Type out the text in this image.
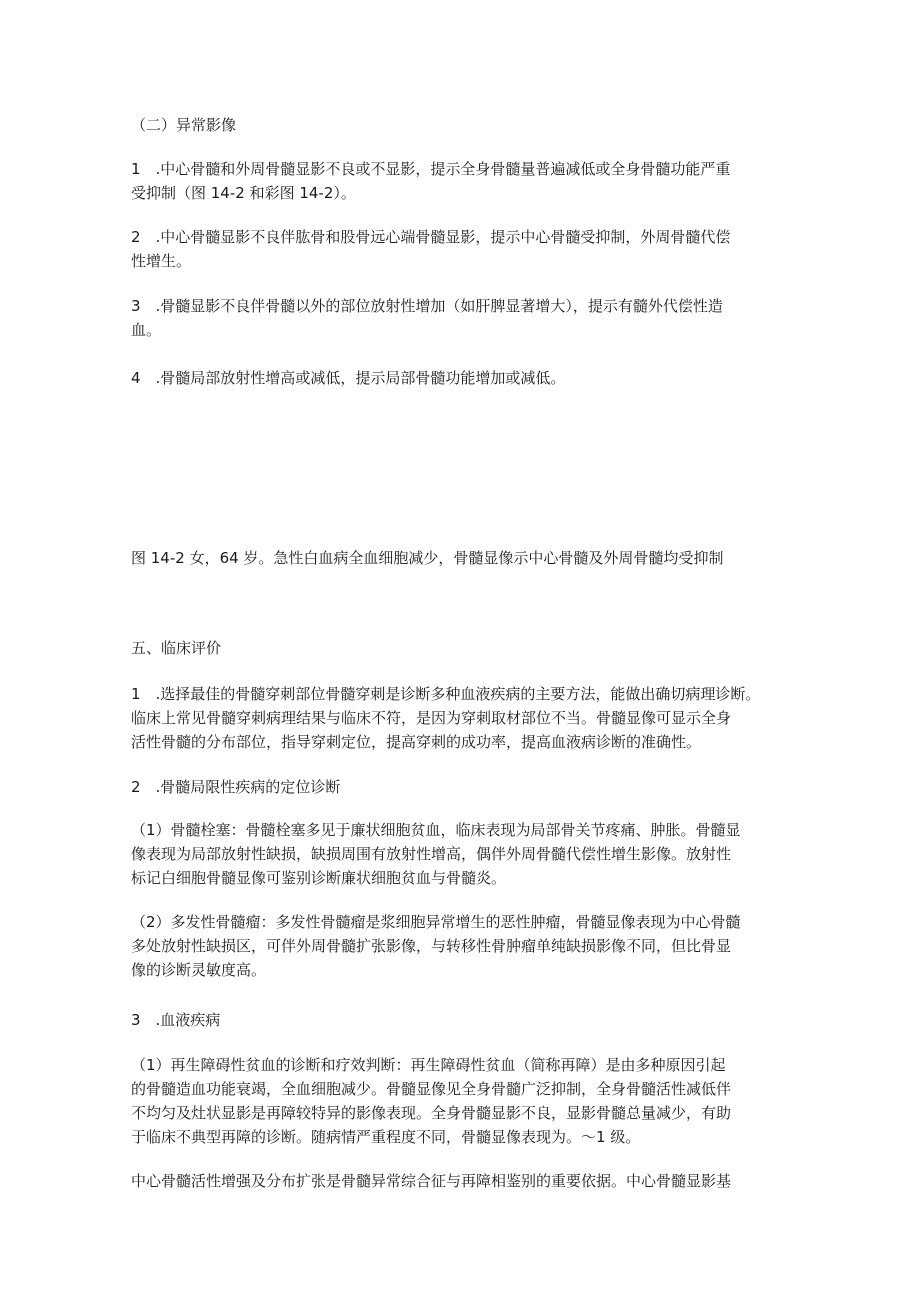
（二）异常影像

1　.中心骨髓和外周骨髓显影不良或不显影，提示全身骨髓量普遍减低或全身骨髓功能严重
受抑制（图 14-2 和彩图 14-2）。

2　.中心骨髓显影不良伴肱骨和股骨远心端骨髓显影，提示中心骨髓受抑制，外周骨髓代偿
性增生。

3　.骨髓显影不良伴骨髓以外的部位放射性增加（如肝脾显著增大），提示有髓外代偿性造
血。

4　.骨髓局部放射性增高或减低，提示局部骨髓功能增加或减低。

图 14-2 女，64 岁。急性白血病全血细胞减少，骨髓显像示中心骨髓及外周骨髓均受抑制

五、临床评价

1　.选择最佳的骨髓穿刺部位骨髓穿刺是诊断多种血液疾病的主要方法，能做出确切病理诊断。
临床上常见骨髓穿刺病理结果与临床不符，是因为穿刺取材部位不当。骨髓显像可显示全身
活性骨髓的分布部位，指导穿刺定位，提高穿刺的成功率，提高血液病诊断的准确性。

2　.骨髓局限性疾病的定位诊断

（1）骨髓栓塞：骨髓栓塞多见于廉状细胞贫血，临床表现为局部骨关节疼痛、肿胀。骨髓显
像表现为局部放射性缺损，缺损周围有放射性增高，偶伴外周骨髓代偿性增生影像。放射性
标记白细胞骨髓显像可鉴别诊断廉状细胞贫血与骨髓炎。

（2）多发性骨髓瘤：多发性骨髓瘤是浆细胞异常增生的恶性肿瘤，骨髓显像表现为中心骨髓
多处放射性缺损区，可伴外周骨髓扩张影像，与转移性骨肿瘤单纯缺损影像不同，但比骨显
像的诊断灵敏度高。

3　.血液疾病

（1）再生障碍性贫血的诊断和疗效判断：再生障碍性贫血（简称再障）是由多种原因引起
的骨髓造血功能衰竭，全血细胞减少。骨髓显像见全身骨髓广泛抑制，全身骨髓活性减低伴
不均匀及灶状显影是再障较特异的影像表现。全身骨髓显影不良，显影骨髓总量减少，有助
于临床不典型再障的诊断。随病情严重程度不同，骨髓显像表现为。～1 级。

中心骨髓活性增强及分布扩张是骨髓异常综合征与再障相鉴别的重要依据。中心骨髓显影基
